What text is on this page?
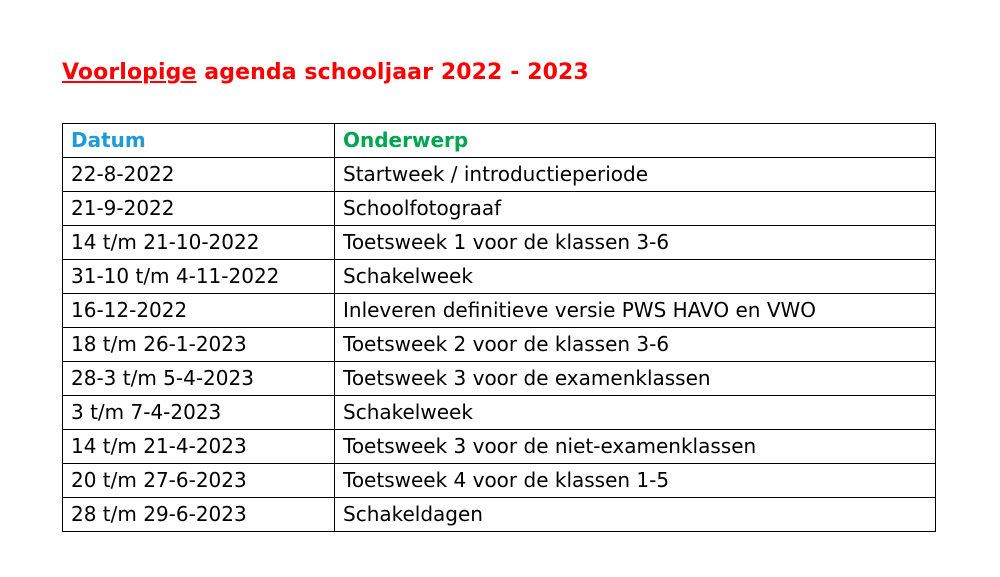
Voorlopige agenda schooljaar 2022 - 2023
Datum	Onderwerp
22-8-2022	Startweek / introductieperiode
21-9-2022	Schoolfotograaf
14 t/m 21-10-2022	Toetsweek 1 voor de klassen 3-6
31-10 t/m 4-11-2022	Schakelweek
16-12-2022	Inleveren definitieve versie PWS HAVO en VWO
18 t/m 26-1-2023	Toetsweek 2 voor de klassen 3-6
28-3 t/m 5-4-2023	Toetsweek 3 voor de examenklassen
3 t/m 7-4-2023	Schakelweek
14 t/m 21-4-2023	Toetsweek 3 voor de niet-examenklassen
20 t/m 27-6-2023	Toetsweek 4 voor de klassen 1-5
28 t/m 29-6-2023	Schakeldagen
